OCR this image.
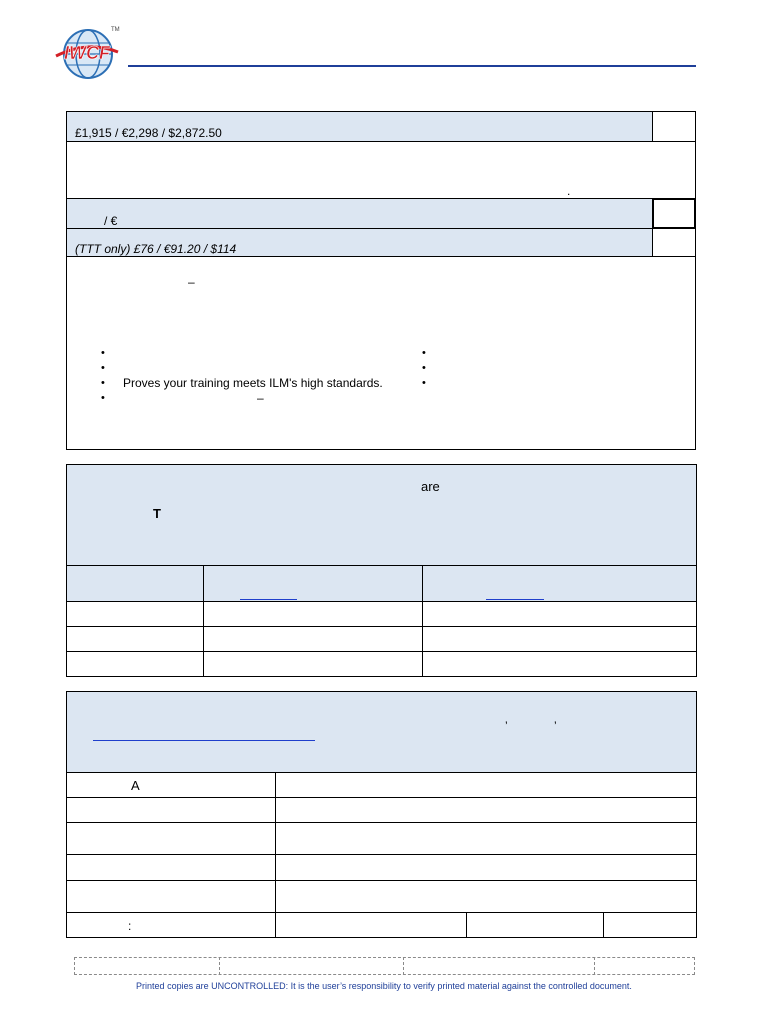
IWCF
TM
£1,915 / €2,298 / $2,872.50
.
/ €
(TTT only) £76 / €91.20 / $114
–
• Proves your training meets ILM's high standards.
–
are
T
’	’
A
:
Printed copies are UNCONTROLLED: It is the user’s responsibility to verify printed material against the controlled document.
